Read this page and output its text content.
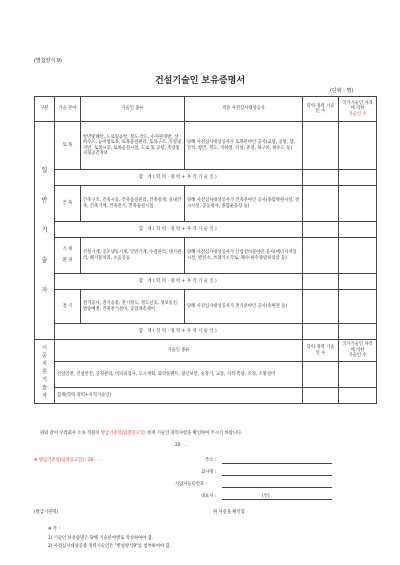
(별첨양식 9)
건설기술인 보유증명서
(단위 : 명)
구분	기술 분야	기술인 종류	적용 사전심사대상공사	학력·경력 기술인 수	국가기술인 자격에 의한
기술인 수

일반기술자	토 목	항만및해안, 도로및공항, 철도·삭도, 수자원개발, 상하수도, 농어업토목, 토목품질관리, 토목구조, 지질및지반, 토목시공, 토목품질시험, 도로 및 공항, 측량및지형공간정보	당해 사전심사대상공사가 토목분야인 공사(교량, 공항, 댐, 간척, 항만, 철도, 지하철, 터널, 준설, 하구둑, 하수도 등)		
	합 계(학력·경력+자격기술인)				
	건 축	건축구조, 건축시공, 건축품질관리, 건축설계, 실내건축, 건축기계, 건축전기, 건축품질시험	당해 사전심사대상공사가 건축분야인 공사(종합병원시설, 전시시설, 공동청사, 종합운동장 등)		
	합 계(학력·경력+자격기술인)				
	기 계

환 경	건설기계, 공조냉동기계, 일반기계, 수질관리, 대기관리, 폐기물처리, 소음진동	당해 사전심사대상공사가 산업설비분야인 공사(에너지저장시설, 발전소, 쓰레기소각로, 폐수·하수종말처리장 등)		
	합 계(학력·경력+자격기술인)				
	전 기	전기공사, 전기응용, 전기철도, 철도신호, 정보통신, 발송배전, 건축전기설비, 공업계측제어	당해 사전심사대상공사가 전기분야인 공사(송변전 등)		
	합 계(학력·경력+자격기술인)				

시공지원기술자	기술인 종류			학력·경력 기술인 수	국가기술인 자격에 의한
기술인 수
	산업안전, 건설안전, 공정관리, 비파괴검사, 도시계획, 화학플랜트, 광산보안, 승강기, 교통, 지적·측량, 조경, 소방설비				
	합계(학력·경력+자격기술인)				
위와 같이 우리회사 소속 직원의 발급기준일(입찰공고일) 현재 기술인 경력사항을 확인하여 주시기 바랍니다.
20 . . .
※ 발급기준일(입찰공고일) : 20 . . .	주소 :
회사명 :
사업자등록번호 :
대표자 :	(인)
(발급기관명)	위 사실을 확인함.
※ 주 :
1) 기술인 보유증명은 당해 기술분야별로 작성하여야 함.
2) 사전심사대상공종 경력기술인은 "별첨양식9"를 첨부하여야 함.
